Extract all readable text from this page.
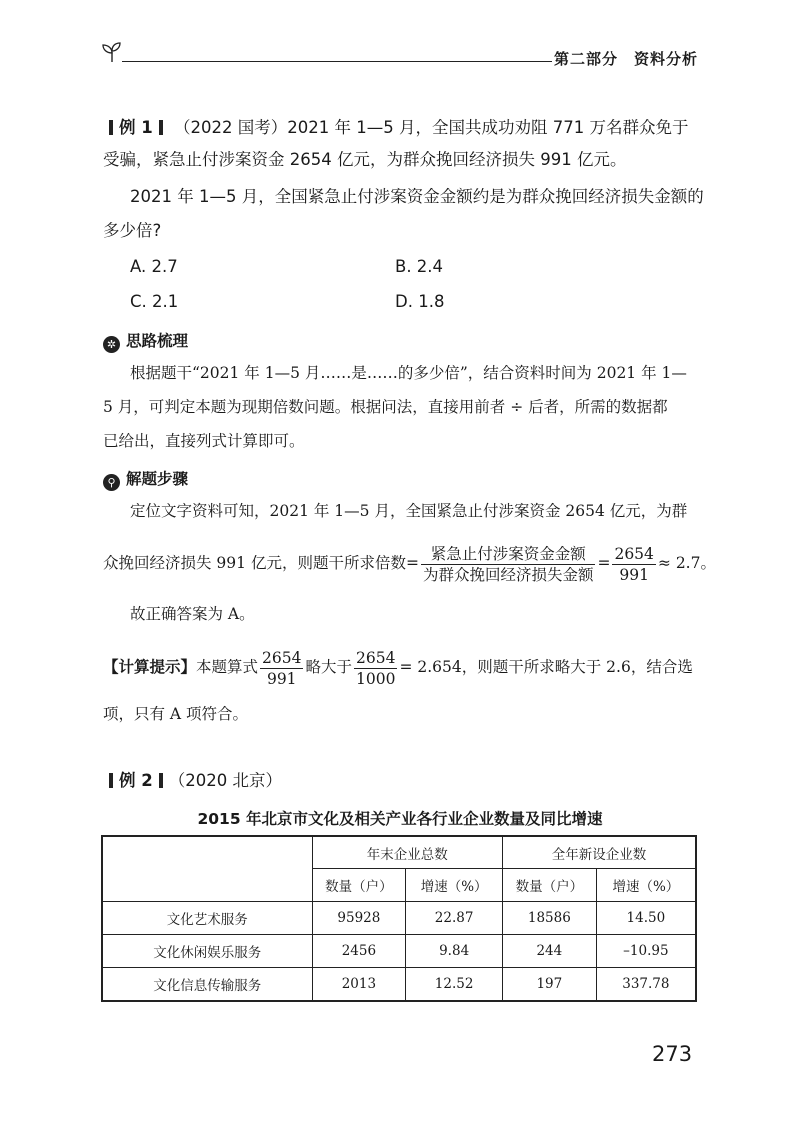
第二部分　资料分析
例 1 （2022 国考）2021 年 1—5 月，全国共成功劝阻 771 万名群众免于
受骗，紧急止付涉案资金 2654 亿元，为群众挽回经济损失 991 亿元。
2021 年 1—5 月，全国紧急止付涉案资金金额约是为群众挽回经济损失金额的
多少倍?
A. 2.7	B. 2.4
C. 2.1	D. 1.8
✲ 思路梳理
根据题干“2021 年 1—5 月……是……的多少倍”，结合资料时间为 2021 年 1—
5 月，可判定本题为现期倍数问题。根据问法，直接用前者 ÷ 后者，所需的数据都
已给出，直接列式计算即可。
⚲ 解题步骤
定位文字资料可知，2021 年 1—5 月，全国紧急止付涉案资金 2654 亿元，为群
众挽回经济损失 991 亿元，则题干所求倍数= $\frac{\text{紧急止付涉案资金金额}}{\text{为群众挽回经济损失金额}} = \frac{2654}{991} \approx 2.7$。
故正确答案为 A。
【计算提示】本题算式 $\frac{2654}{991}$ 略大于 $\frac{2654}{1000} = 2.654$，则题干所求略大于 2.6，结合选
项，只有 A 项符合。
例 2 （2020 北京）
2015 年北京市文化及相关产业各行业企业数量及同比增速
	年末企业总数		全年新设企业数	
	数量（户）	增速（%）	数量（户）	增速（%）
文化艺术服务	95928	22.87	18586	14.50
文化休闲娱乐服务	2456	9.84	244	–10.95
文化信息传输服务	2013	12.52	197	337.78
273
